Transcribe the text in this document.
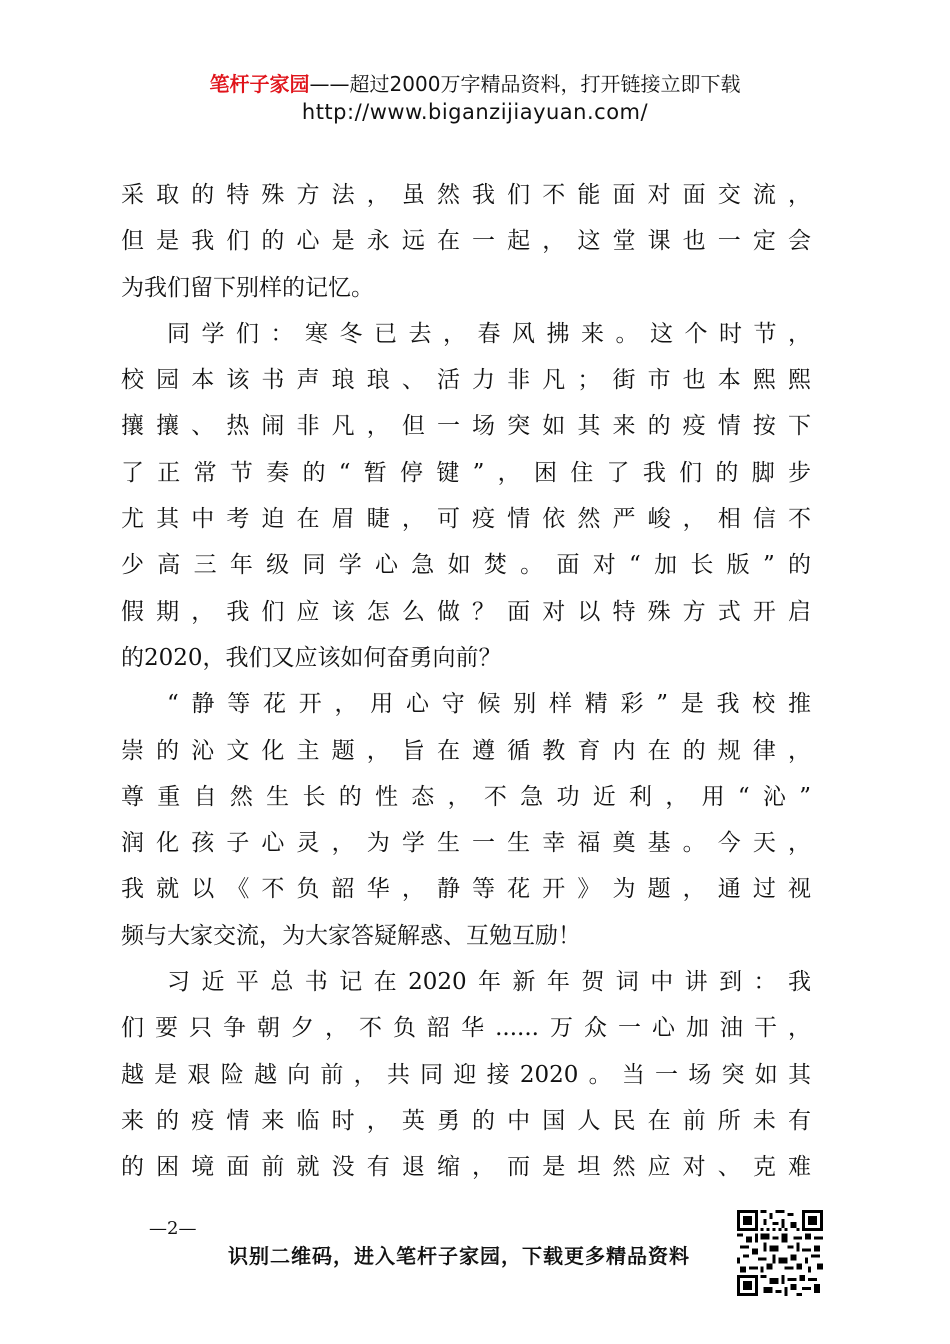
笔杆子家园——超过2000万字精品资料，打开链接立即下载
http://www.biganzijiayuan.com/
采取的特殊方法，虽然我们不能面对面交流，
但是我们的心是永远在一起，这堂课也一定会
为我们留下别样的记忆。
同学们：寒冬已去，春风拂来。这个时节，
校园本该书声琅琅、活力非凡；街市也本熙熙
攘攘、热闹非凡，但一场突如其来的疫情按下
了正常节奏的“暂停键”，困住了我们的脚步
尤其中考迫在眉睫，可疫情依然严峻，相信不
少高三年级同学心急如焚。面对“加长版”的
假期，我们应该怎么做？面对以特殊方式开启
的2020，我们又应该如何奋勇向前？
“静等花开，用心守候别样精彩”是我校推
崇的沁文化主题，旨在遵循教育内在的规律，
尊重自然生长的性态，不急功近利，用“沁”
润化孩子心灵，为学生一生幸福奠基。今天，
我就以《不负韶华，静等花开》为题，通过视
频与大家交流，为大家答疑解惑、互勉互励！
习近平总书记在2020年新年贺词中讲到：我
们要只争朝夕，不负韶华......万众一心加油干，
越是艰险越向前，共同迎接2020。当一场突如其
来的疫情来临时，英勇的中国人民在前所未有
的困境面前就没有退缩，而是坦然应对、克难
—2—
识别二维码，进入笔杆子家园，下载更多精品资料
